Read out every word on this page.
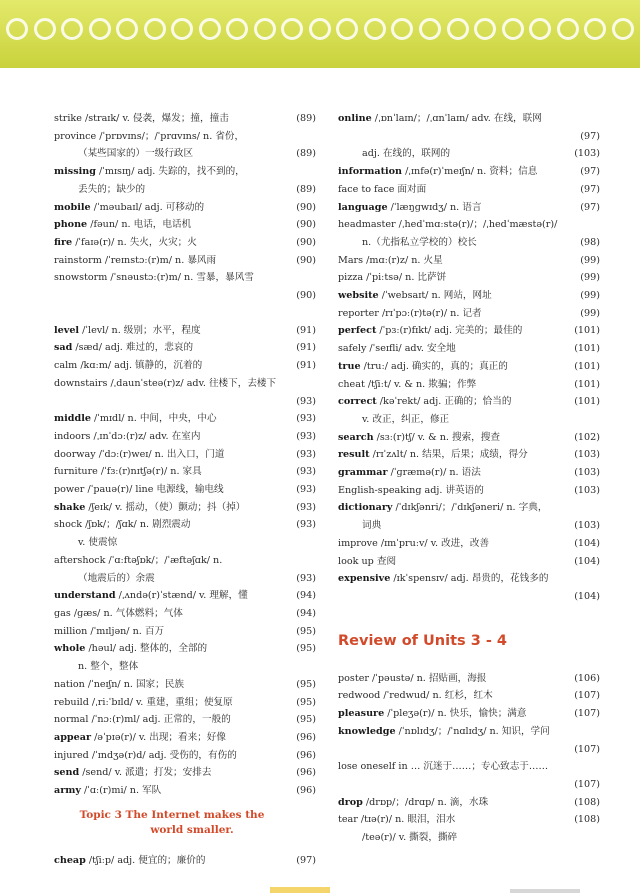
strike /straɪk/ v. 侵袭，爆发；撞，撞击	(89)
province /ˈprɒvɪns/；/ˈprɑvɪns/ n. 省份，
（某些国家的）一级行政区	(89)
missing /ˈmɪsɪŋ/ adj. 失踪的，找不到的，
丢失的；缺少的	(89)
mobile /ˈməubaɪl/ adj. 可移动的	(90)
phone /fəun/ n. 电话，电话机	(90)
fire /ˈfaɪə(r)/ n. 失火，火灾；火	(90)
rainstorm /ˈreɪnstɔː(r)m/ n. 暴风雨	(90)
snowstorm /ˈsnəustɔː(r)m/ n. 雪暴，暴风雪
(90)
level /ˈlevl/ n. 级别；水平，程度	(91)
sad /sæd/ adj. 难过的，悲哀的	(91)
calm /kɑːm/ adj. 镇静的，沉着的	(91)
downstairs /ˌdaunˈsteə(r)z/ adv. 往楼下，去楼下
(93)
middle /ˈmɪdl/ n. 中间，中央，中心	(93)
indoors /ˌɪnˈdɔː(r)z/ adv. 在室内	(93)
doorway /ˈdɔː(r)weɪ/ n. 出入口，门道	(93)
furniture /ˈfɜː(r)nɪtʃə(r)/ n. 家具	(93)
power /ˈpauə(r)/ line 电源线，输电线	(93)
shake /ʃeɪk/ v. 摇动，（使）颤动；抖（掉）	(93)
shock /ʃɒk/；/ʃɑk/ n. 剧烈震动	(93)
v. 使震惊
aftershock /ˈɑːftəʃɒk/；/ˈæftəʃɑk/ n.
（地震后的）余震	(93)
understand /ˌʌndə(r)ˈstænd/ v. 理解，懂	(94)
gas /ɡæs/ n. 气体燃料；气体	(94)
million /ˈmɪljən/ n. 百万	(95)
whole /həul/ adj. 整体的，全部的	(95)
n. 整个，整体
nation /ˈneɪʃn/ n. 国家；民族	(95)
rebuild /ˌriːˈbɪld/ v. 重建，重组；使复原	(95)
normal /ˈnɔː(r)ml/ adj. 正常的，一般的	(95)
appear /əˈpɪə(r)/ v. 出现；看来；好像	(96)
injured /ˈɪndʒə(r)d/ adj. 受伤的，有伤的	(96)
send /send/ v. 派遣；打发；安排去	(96)
army /ˈɑː(r)mi/ n. 军队	(96)
Topic 3 The Internet makes the
world smaller.
cheap /tʃiːp/ adj. 便宜的；廉价的	(97)
online /ˌɒnˈlaɪn/；/ˌɑnˈlaɪn/ adv. 在线，联网
(97)
adj. 在线的，联网的	(103)
information /ˌɪnfə(r)ˈmeɪʃn/ n. 资料；信息	(97)
face to face 面对面	(97)
language /ˈlæŋɡwɪdʒ/ n. 语言	(97)
headmaster /ˌhedˈmɑːstə(r)/；/ˌhedˈmæstə(r)/
n.（尤指私立学校的）校长	(98)
Mars /mɑː(r)z/ n. 火星	(99)
pizza /ˈpiːtsə/ n. 比萨饼	(99)
website /ˈwebsaɪt/ n. 网站，网址	(99)
reporter /rɪˈpɔː(r)tə(r)/ n. 记者	(99)
perfect /ˈpɜː(r)fɪkt/ adj. 完美的；最佳的	(101)
safely /ˈseɪfli/ adv. 安全地	(101)
true /truː/ adj. 确实的，真的；真正的	(101)
cheat /tʃiːt/ v. & n. 欺骗；作弊	(101)
correct /kəˈrekt/ adj. 正确的；恰当的	(101)
v. 改正，纠正，修正
search /sɜː(r)tʃ/ v. & n. 搜索，搜查	(102)
result /rɪˈzʌlt/ n. 结果，后果；成绩，得分	(103)
grammar /ˈɡræmə(r)/ n. 语法	(103)
English-speaking adj. 讲英语的	(103)
dictionary /ˈdɪkʃənri/；/ˈdɪkʃəneri/ n. 字典，
词典	(103)
improve /ɪmˈpruːv/ v. 改进，改善	(104)
look up 查阅	(104)
expensive /ɪkˈspensɪv/ adj. 昂贵的，花钱多的
(104)
Review of Units 3 - 4
poster /ˈpəustə/ n. 招贴画，海报	(106)
redwood /ˈredwud/ n. 红杉，红木	(107)
pleasure /ˈpleʒə(r)/ n. 快乐，愉快；满意	(107)
knowledge /ˈnɒlɪdʒ/；/ˈnɑlɪdʒ/ n. 知识，学问
(107)
lose oneself in … 沉迷于……；专心致志于……
(107)
drop /drɒp/；/drɑp/ n. 滴，水珠	(108)
tear /tɪə(r)/ n. 眼泪，泪水	(108)
/teə(r)/ v. 撕裂，撕碎
